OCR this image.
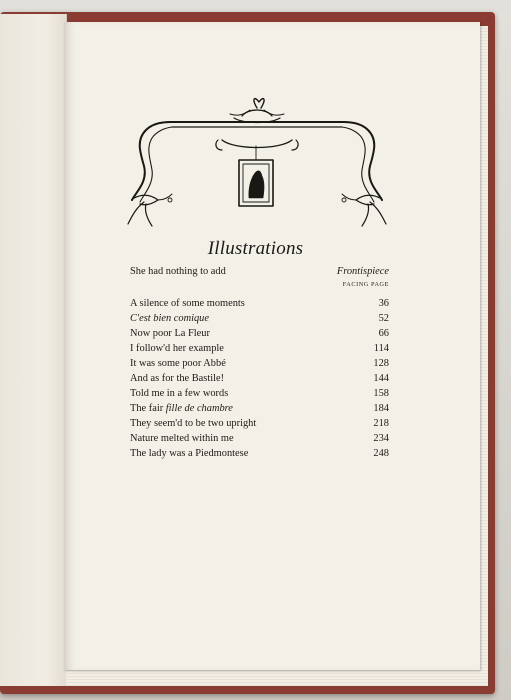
Illustrations
She had nothing to add	Frontispiece
FACING PAGE
A silence of some moments	36
C'est bien comique	52
Now poor La Fleur	66
I follow'd her example	114
It was some poor Abbé	128
And as for the Bastile!	144
Told me in a few words	158
The fair fille de chambre	184
They seem'd to be two upright	218
Nature melted within me	234
The lady was a Piedmontese	248
